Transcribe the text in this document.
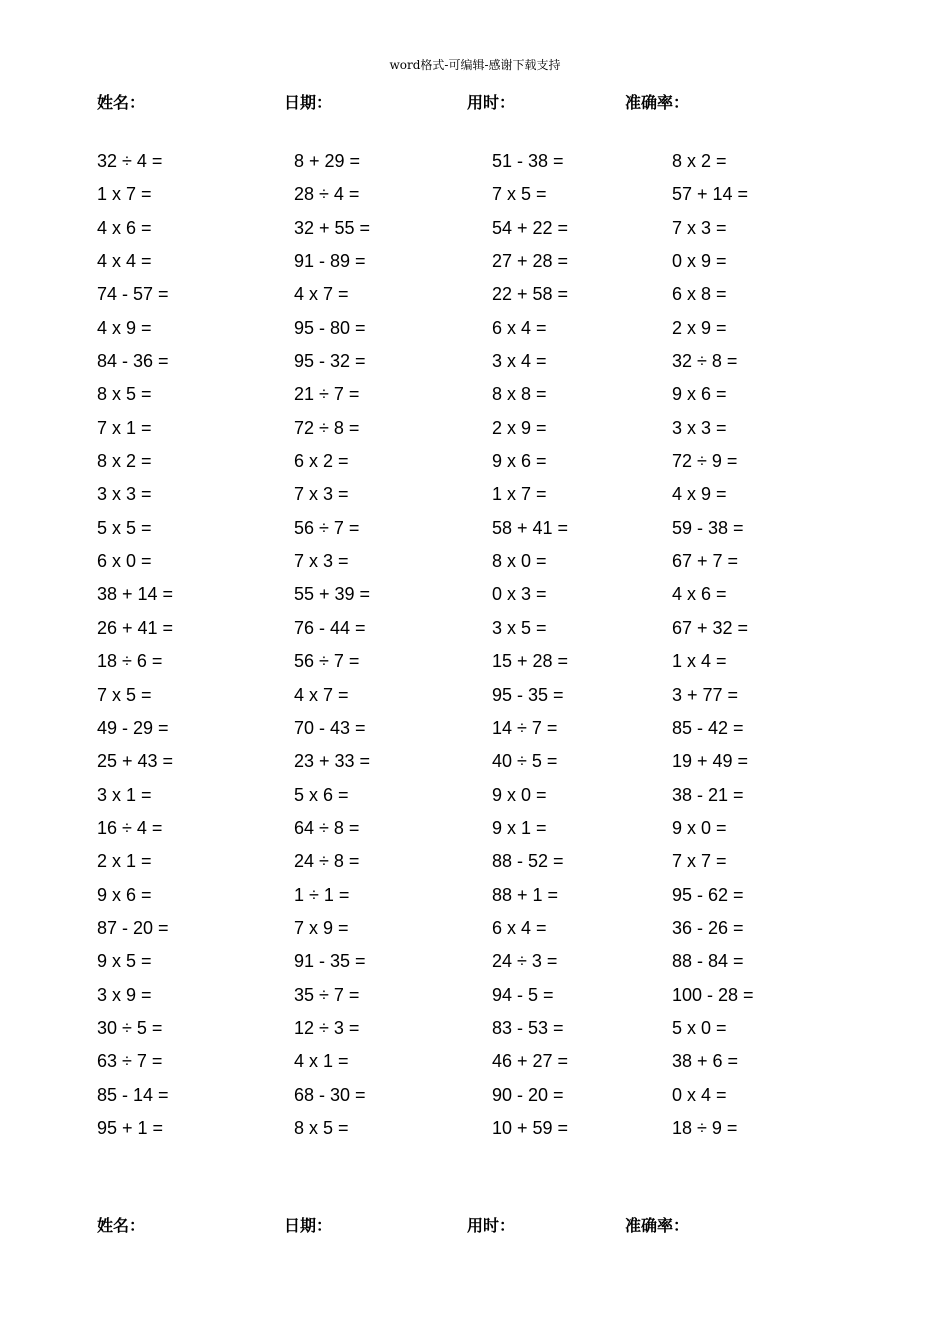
word格式-可编辑-感谢下载支持
姓名：	日期：	用时：	准确率：
32 ÷ 4 =	8 + 29 =	51 - 38 =	8 x 2 =
1 x 7 =	28 ÷ 4 =	7 x 5 =	57 + 14 =
4 x 6 =	32 + 55 =	54 + 22 =	7 x 3 =
4 x 4 =	91 - 89 =	27 + 28 =	0 x 9 =
74 - 57 =	4 x 7 =	22 + 58 =	6 x 8 =
4 x 9 =	95 - 80 =	6 x 4 =	2 x 9 =
84 - 36 =	95 - 32 =	3 x 4 =	32 ÷ 8 =
8 x 5 =	21 ÷ 7 =	8 x 8 =	9 x 6 =
7 x 1 =	72 ÷ 8 =	2 x 9 =	3 x 3 =
8 x 2 =	6 x 2 =	9 x 6 =	72 ÷ 9 =
3 x 3 =	7 x 3 =	1 x 7 =	4 x 9 =
5 x 5 =	56 ÷ 7 =	58 + 41 =	59 - 38 =
6 x 0 =	7 x 3 =	8 x 0 =	67 + 7 =
38 + 14 =	55 + 39 =	0 x 3 =	4 x 6 =
26 + 41 =	76 - 44 =	3 x 5 =	67 + 32 =
18 ÷ 6 =	56 ÷ 7 =	15 + 28 =	1 x 4 =
7 x 5 =	4 x 7 =	95 - 35 =	3 + 77 =
49 - 29 =	70 - 43 =	14 ÷ 7 =	85 - 42 =
25 + 43 =	23 + 33 =	40 ÷ 5 =	19 + 49 =
3 x 1 =	5 x 6 =	9 x 0 =	38 - 21 =
16 ÷ 4 =	64 ÷ 8 =	9 x 1 =	9 x 0 =
2 x 1 =	24 ÷ 8 =	88 - 52 =	7 x 7 =
9 x 6 =	1 ÷ 1 =	88 + 1 =	95 - 62 =
87 - 20 =	7 x 9 =	6 x 4 =	36 - 26 =
9 x 5 =	91 - 35 =	24 ÷ 3 =	88 - 84 =
3 x 9 =	35 ÷ 7 =	94 - 5 =	100 - 28 =
30 ÷ 5 =	12 ÷ 3 =	83 - 53 =	5 x 0 =
63 ÷ 7 =	4 x 1 =	46 + 27 =	38 + 6 =
85 - 14 =	68 - 30 =	90 - 20 =	0 x 4 =
95 + 1 =	8 x 5 =	10 + 59 =	18 ÷ 9 =
姓名：	日期：	用时：	准确率：
